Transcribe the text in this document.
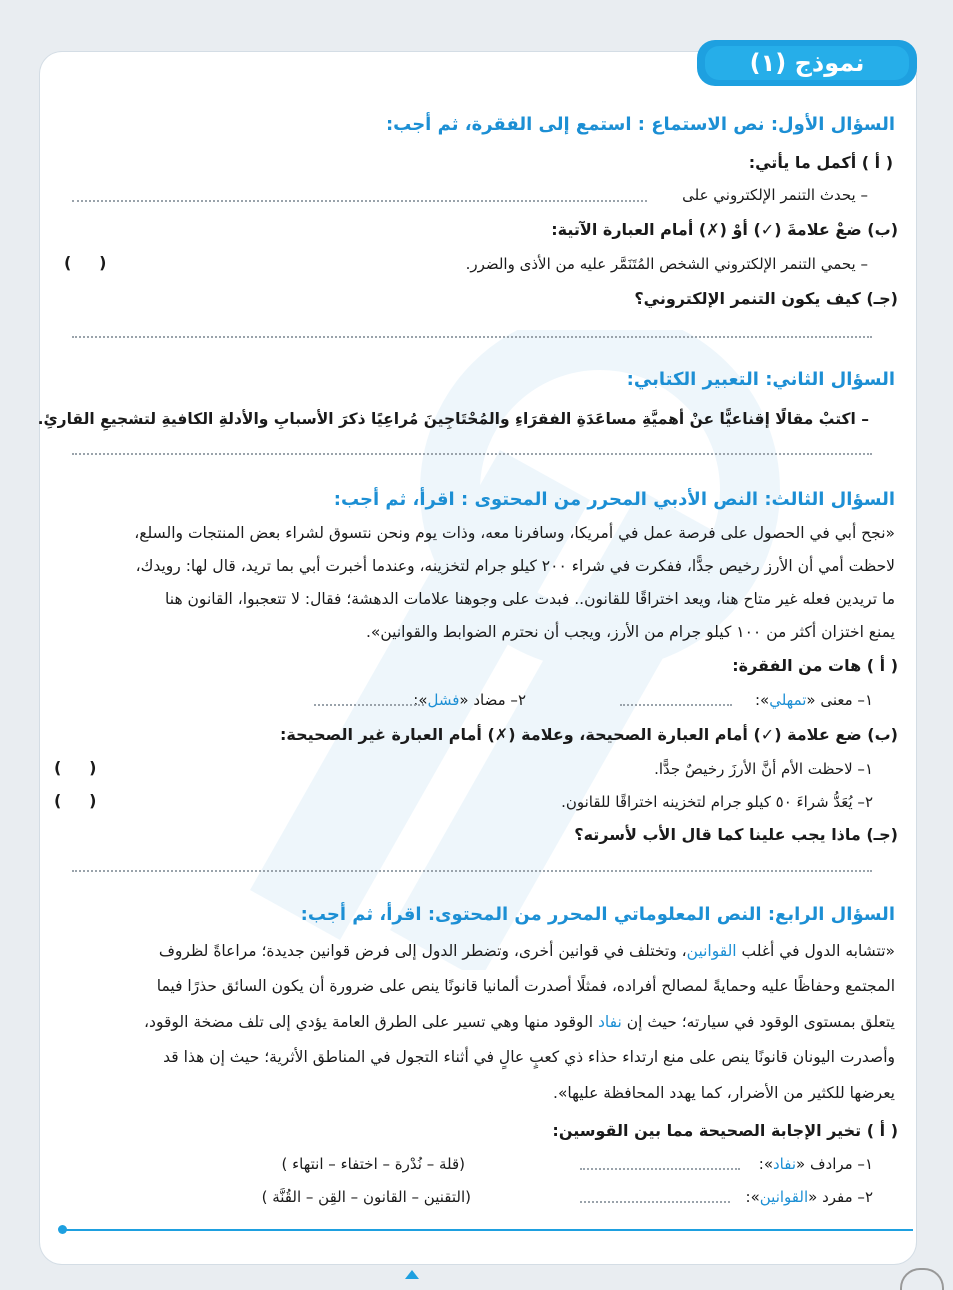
نموذج (١)
السؤال الأول: نص الاستماع : استمع إلى الفقرة، ثم أجب:
( أ ) أكمل ما يأتي:
– يحدث التنمر الإلكتروني على
(ب) ضعْ علامةَ (✓) أوْ (✗) أمام العبارة الآتية:
– يحمي التنمر الإلكتروني الشخص المُتَنَمَّر عليه من الأذى والضرر.
(     )
(جـ) كيف يكون التنمر الإلكتروني؟
السؤال الثاني: التعبير الكتابي:
– اكتبْ مقالًا إقناعيًّا عنْ أهميَّةِ مساعَدَةِ الفقرَاءِ والمُحْتَاجِينَ مُراعِيًا ذكرَ الأسبابِ والأدلةِ الكافيةِ لتشجيعِ القارئِ.
السؤال الثالث: النص الأدبي المحرر من المحتوى : اقرأ، ثم أجب:
«نجح أبي في الحصول على فرصة عمل في أمريكا، وسافرنا معه، وذات يوم ونحن نتسوق لشراء بعض المنتجات والسلع،
لاحظت أمي أن الأرز رخيص جدًّا، ففكرت في شراء ٢٠٠ كيلو جرام لتخزينه، وعندما أخبرت أبي بما تريد، قال لها: رويدك،
ما تريدين فعله غير متاح هنا، ويعد اختراقًا للقانون.. فبدت على وجوهنا علامات الدهشة؛ فقال: لا تتعجبوا، القانون هنا
يمنع اختزان أكثر من ١٠٠ كيلو جرام من الأرز، ويجب أن نحترم الضوابط والقوانين».
( أ ) هات من الفقرة:
١– معنى «تمهلي»:
٢– مضاد «فشل»:
(ب) ضع علامة (✓) أمام العبارة الصحيحة، وعلامة (✗) أمام العبارة غير الصحيحة:
١– لاحظت الأم أنَّ الأرزَ رخيصٌ جدًّا.
(     )
٢– يُعَدُّ شراءَ ٥٠ كيلو جرام لتخزينه اختراقًا للقانون.
(     )
(جـ) ماذا يجب علينا كما قال الأب لأسرته؟
السؤال الرابع: النص المعلوماتي المحرر من المحتوى: اقرأ، ثم أجب:
«تتشابه الدول في أغلب القوانين، وتختلف في قوانين أخرى، وتضطر الدول إلى فرض قوانين جديدة؛ مراعاةً لظروف
المجتمع وحفاظًا عليه وحمايةً لمصالح أفراده، فمثلًا أصدرت ألمانيا قانونًا ينص على ضرورة أن يكون السائق حذرًا فيما
يتعلق بمستوى الوقود في سيارته؛ حيث إن نفاد الوقود منها وهي تسير على الطرق العامة يؤدي إلى تلف مضخة الوقود،
وأصدرت اليونان قانونًا ينص على منع ارتداء حذاء ذي كعبٍ عالٍ في أثناء التجول في المناطق الأثرية؛ حيث إن هذا قد
يعرضها للكثير من الأضرار، كما يهدد المحافظة عليها».
( أ ) تخير الإجابة الصحيحة مما بين القوسين:
١– مرادف «نفاد»:
(قلة – نُدْرة – اختفاء – انتهاء )
٢– مفرد «القوانين»:
(التقنين – القانون – القِن – القُنَّة )
